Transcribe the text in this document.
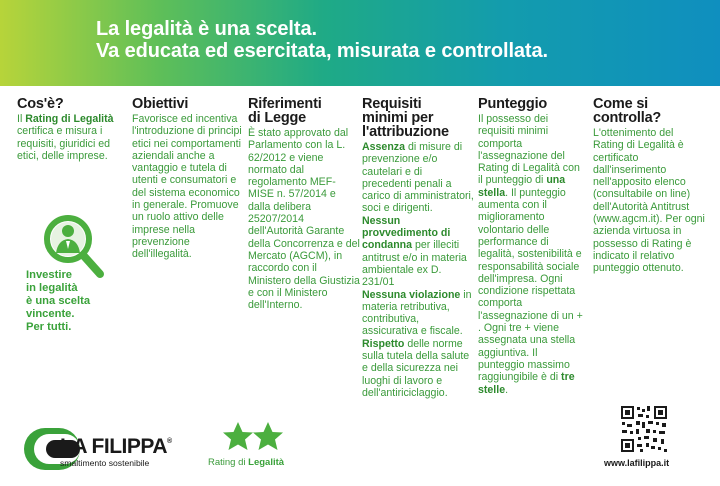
La legalità è una scelta.
Va educata ed esercitata, misurata e controllata.
Cos'è?
Il Rating di Legalità certifica e misura i requisiti, giuridici ed etici, delle imprese.
Investire
in legalità
è una scelta
vincente.
Per tutti.
Obiettivi
Favorisce ed incentiva l'introduzione di principi etici nei comportamenti aziendali anche a vantaggio e tutela di utenti e consumatori e del sistema economico in generale. Promuove un ruolo attivo delle imprese nella prevenzione dell'illegalità.
Riferimenti
di Legge
È stato approvato dal Parlamento con la L. 62/2012 e viene normato dal regolamento MEF-MISE n. 57/2014 e dalla delibera 25207/2014 dell'Autorità Garante della Concorrenza e del Mercato (AGCM), in raccordo con il Ministero della Giustizia e con il Ministero dell'Interno.
Requisiti
minimi per
l'attribuzione
Assenza di misure di prevenzione e/o cautelari e di precedenti penali a carico di amministratori, soci e dirigenti.
Nessun provvedimento di condanna per illeciti antitrust e/o in materia ambientale ex D. 231/01
Nessuna violazione in materia retributiva, contributiva, assicurativa e fiscale.
Rispetto delle norme sulla tutela della salute e della sicurezza nei luoghi di lavoro e dell'antiriciclaggio.
Punteggio
Il possesso dei requisiti minimi comporta l'assegnazione del Rating di Legalità con il punteggio di una stella. Il punteggio aumenta con il miglioramento volontario delle performance di legalità, sostenibilità e responsabilità sociale dell'impresa. Ogni condizione rispettata comporta l'assegnazione di un + . Ogni tre + viene assegnata una stella aggiuntiva. Il punteggio massimo raggiungibile è di tre stelle.
Come si
controlla?
L'ottenimento del Rating di Legalità è certificato dall'inserimento nell'apposito elenco (consultabile on line) dell'Autorità Antitrust (www.agcm.it). Per ogni azienda virtuosa in possesso di Rating è indicato il relativo punteggio ottenuto.
LA FILIPPA®
smaltimento sostenibile	Rating di Legalità	www.lafilippa.it
